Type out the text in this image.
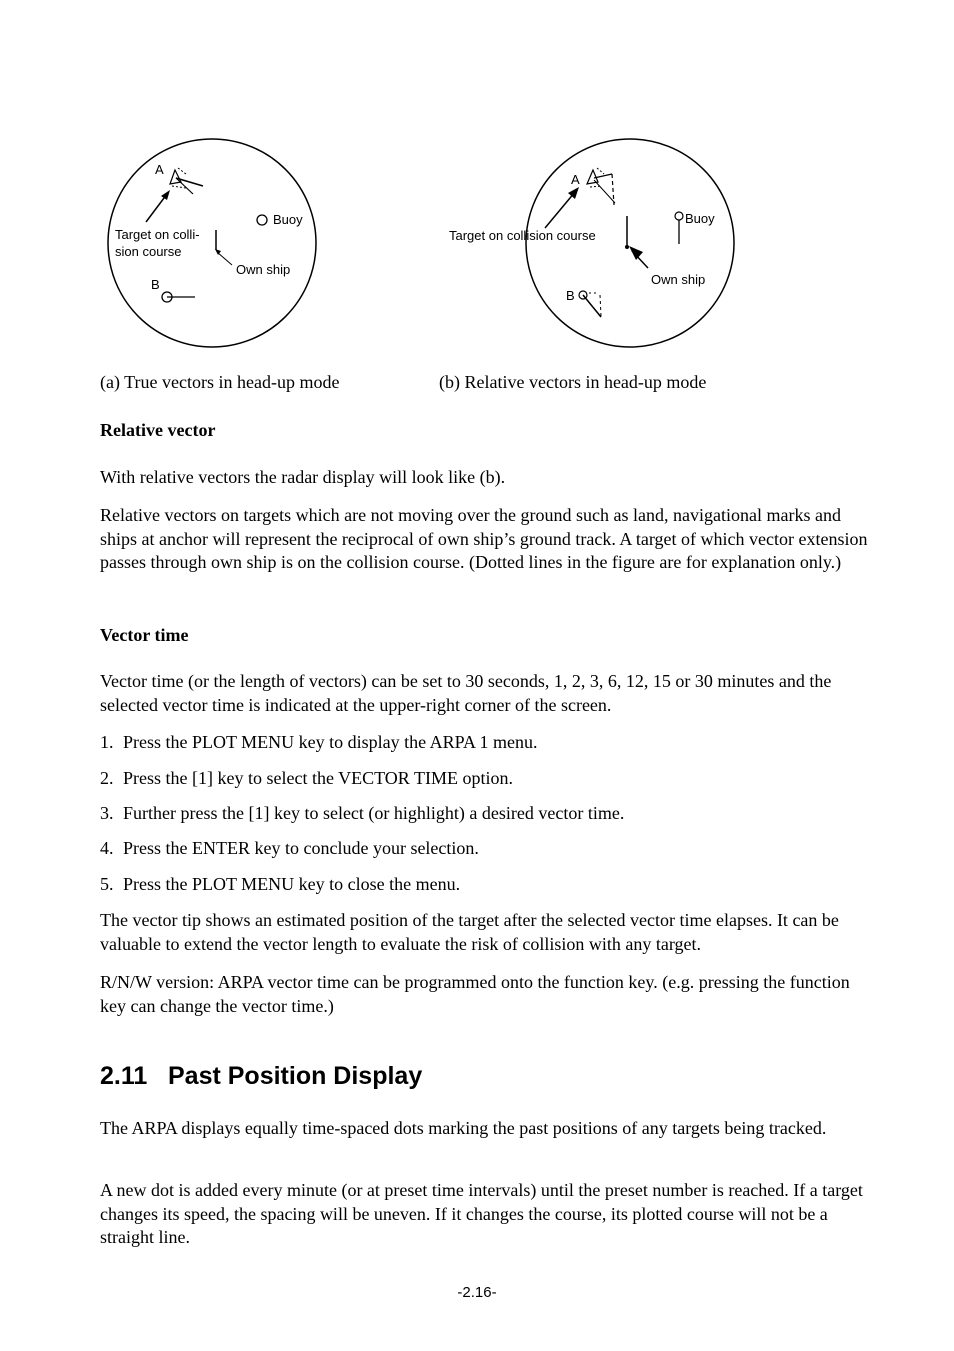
A
Buoy
Own ship
Target on colli-
sion course
B
A
Target on collision course
Buoy
Own ship
B
(a) True vectors in head-up mode	(b) Relative vectors in head-up mode

Relative vector

With relative vectors the radar display will look like (b).

Relative vectors on targets which are not moving over the ground such as land, navigational marks and ships at anchor will represent the reciprocal of own ship’s ground track. A target of which vector extension passes through own ship is on the collision course. (Dotted lines in the figure are for explanation only.)

Vector time

Vector time (or the length of vectors) can be set to 30 seconds, 1, 2, 3, 6, 12, 15 or 30 minutes and the selected vector time is indicated at the upper-right corner of the screen.

1. Press the PLOT MENU key to display the ARPA 1 menu.

2. Press the [1] key to select the VECTOR TIME option.

3. Further press the [1] key to select (or highlight) a desired vector time.

4. Press the ENTER key to conclude your selection.

5. Press the PLOT MENU key to close the menu.

The vector tip shows an estimated position of the target after the selected vector time elapses. It can be valuable to extend the vector length to evaluate the risk of collision with any target.

R/N/W version: ARPA vector time can be programmed onto the function key. (e.g. pressing the function key can change the vector time.)

2.11 Past Position Display

The ARPA displays equally time-spaced dots marking the past positions of any targets being tracked.

A new dot is added every minute (or at preset time intervals) until the preset number is reached. If a target changes its speed, the spacing will be uneven. If it changes the course, its plotted course will not be a straight line.

-2.16-
